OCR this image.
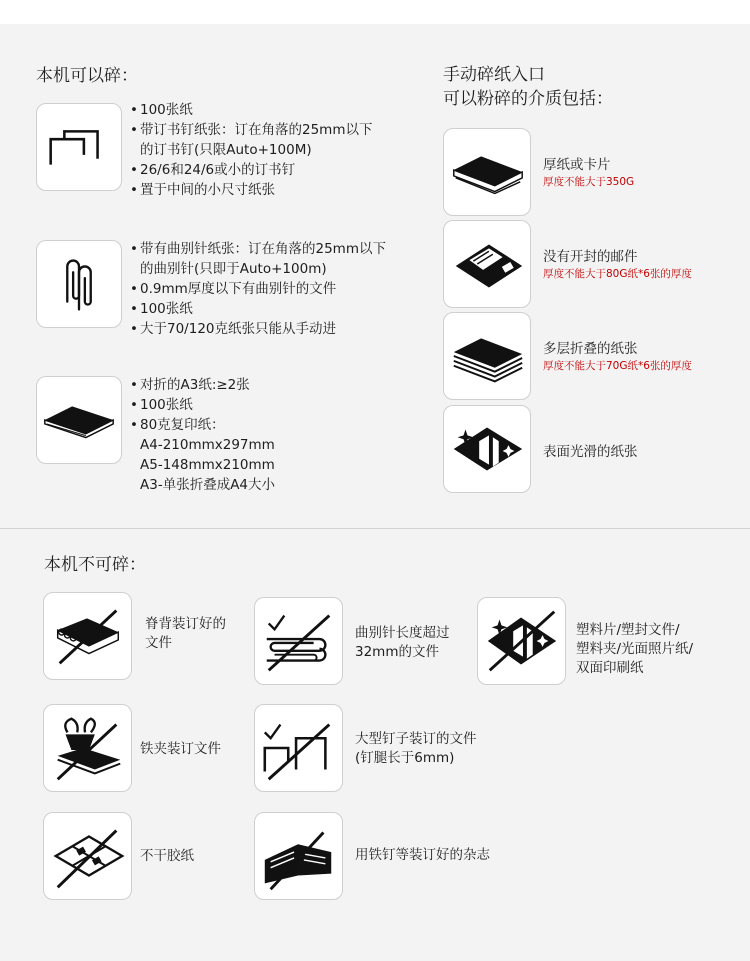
本机可以碎：
• 100张纸
• 带订书钉纸张：订在角落的25mm以下
的订书钉(只限Auto+100M)
• 26/6和24/6或小的订书钉
• 置于中间的小尺寸纸张
• 带有曲别针纸张：订在角落的25mm以下
的曲别针(只即于Auto+100m)
• 0.9mm厚度以下有曲别针的文件
• 100张纸
• 大于70/120克纸张只能从手动进
• 对折的A3纸:≥2张
• 100张纸
• 80克复印纸：
A4-210mmx297mm
A5-148mmx210mm
A3-单张折叠成A4大小
手动碎纸入口
可以粉碎的介质包括：
厚纸或卡片
厚度不能大于350G
没有开封的邮件
厚度不能大于80G纸*6张的厚度
多层折叠的纸张
厚度不能大于70G纸*6张的厚度
表面光滑的纸张
本机不可碎：
脊背装订好的
文件
曲别针长度超过
32mm的文件
塑料片/塑封文件/
塑料夹/光面照片纸/
双面印刷纸
铁夹装订文件
大型钉子装订的文件
(钉腿长于6mm)
不干胶纸	用铁钉等装订好的杂志
